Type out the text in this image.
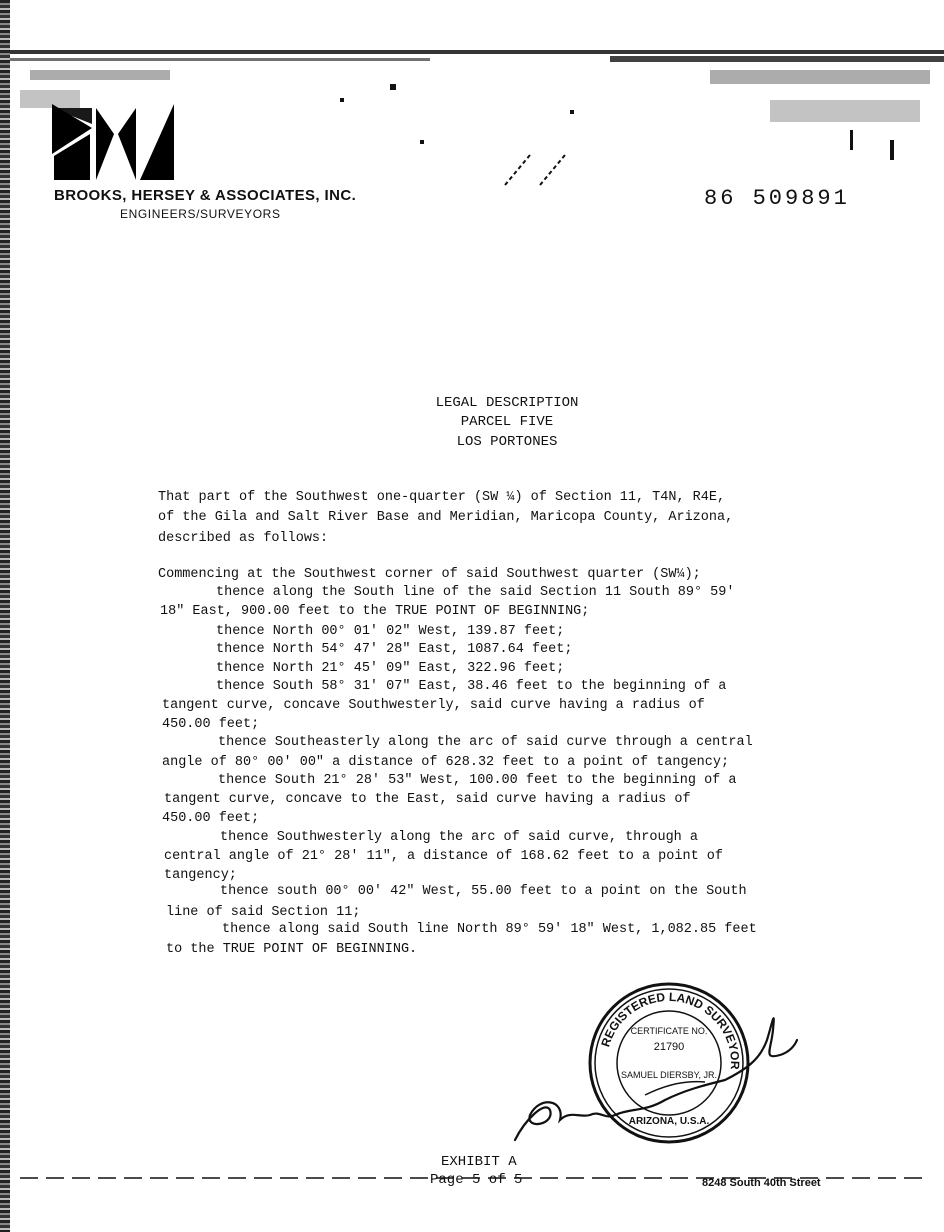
BROOKS, HERSEY & ASSOCIATES, INC.
ENGINEERS/SURVEYORS
86 509891
LEGAL DESCRIPTION
PARCEL FIVE
LOS PORTONES
That part of the Southwest one-quarter (SW ¼) of Section 11, T4N, R4E,
of the Gila and Salt River Base and Meridian, Maricopa County, Arizona,
described as follows:
Commencing at the Southwest corner of said Southwest quarter (SW¼);
thence along the South line of the said Section 11 South 89° 59'
18" East, 900.00 feet to the TRUE POINT OF BEGINNING;
thence North 00° 01' 02" West, 139.87 feet;
thence North 54° 47' 28" East, 1087.64 feet;
thence North 21° 45' 09" East, 322.96 feet;
thence South 58° 31' 07" East, 38.46 feet to the beginning of a
tangent curve, concave Southwesterly, said curve having a radius of
450.00 feet;
thence Southeasterly along the arc of said curve through a central
angle of 80° 00' 00" a distance of 628.32 feet to a point of tangency;
thence South 21° 28' 53" West, 100.00 feet to the beginning of a
tangent curve, concave to the East, said curve having a radius of
450.00 feet;
thence Southwesterly along the arc of said curve, through a
central angle of 21° 28' 11", a distance of 168.62 feet to a point of
tangency;
thence south 00° 00' 42" West, 55.00 feet to a point on the South
line of said Section 11;
thence along said South line North 89° 59' 18" West, 1,082.85 feet
to the TRUE POINT OF BEGINNING.
REGISTERED LAND SURVEYOR
CERTIFICATE NO.
21790
SAMUEL DIERSBY, JR.
ARIZONA, U.S.A.
EXHIBIT A
Page 5 of 5	8248 South 40th Street
